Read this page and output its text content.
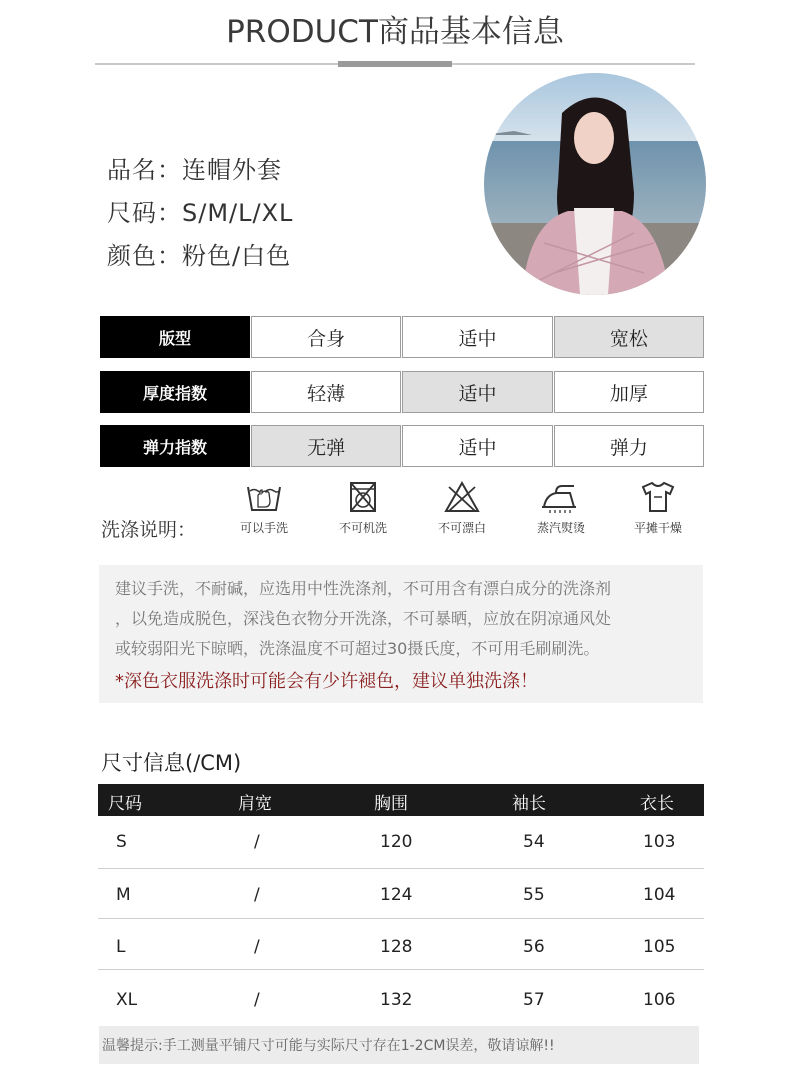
PRODUCT商品基本信息
品名：连帽外套
尺码：S/M/L/XL
颜色：粉色/白色
版型	合身	适中	宽松
厚度指数	轻薄	适中	加厚
弹力指数	无弹	适中	弹力
洗涤说明：	可以手洗	不可机洗	不可漂白	蒸汽熨烫	平摊干燥

建议手洗，不耐碱，应选用中性洗涤剂，不可用含有漂白成分的洗涤剂

，以免造成脱色，深浅色衣物分开洗涤，不可暴晒，应放在阴凉通风处

或较弱阳光下晾晒，洗涤温度不可超过30摄氏度，不可用毛刷刷洗。

*深色衣服洗涤时可能会有少许褪色，建议单独洗涤！

尺寸信息(/CM)
尺码	肩宽	胸围	袖长	衣长
S	/	120	54	103
M	/	124	55	104
L	/	128	56	105
XL	/	132	57	106
温馨提示:手工测量平铺尺寸可能与实际尺寸存在1-2CM误差，敬请谅解!!
